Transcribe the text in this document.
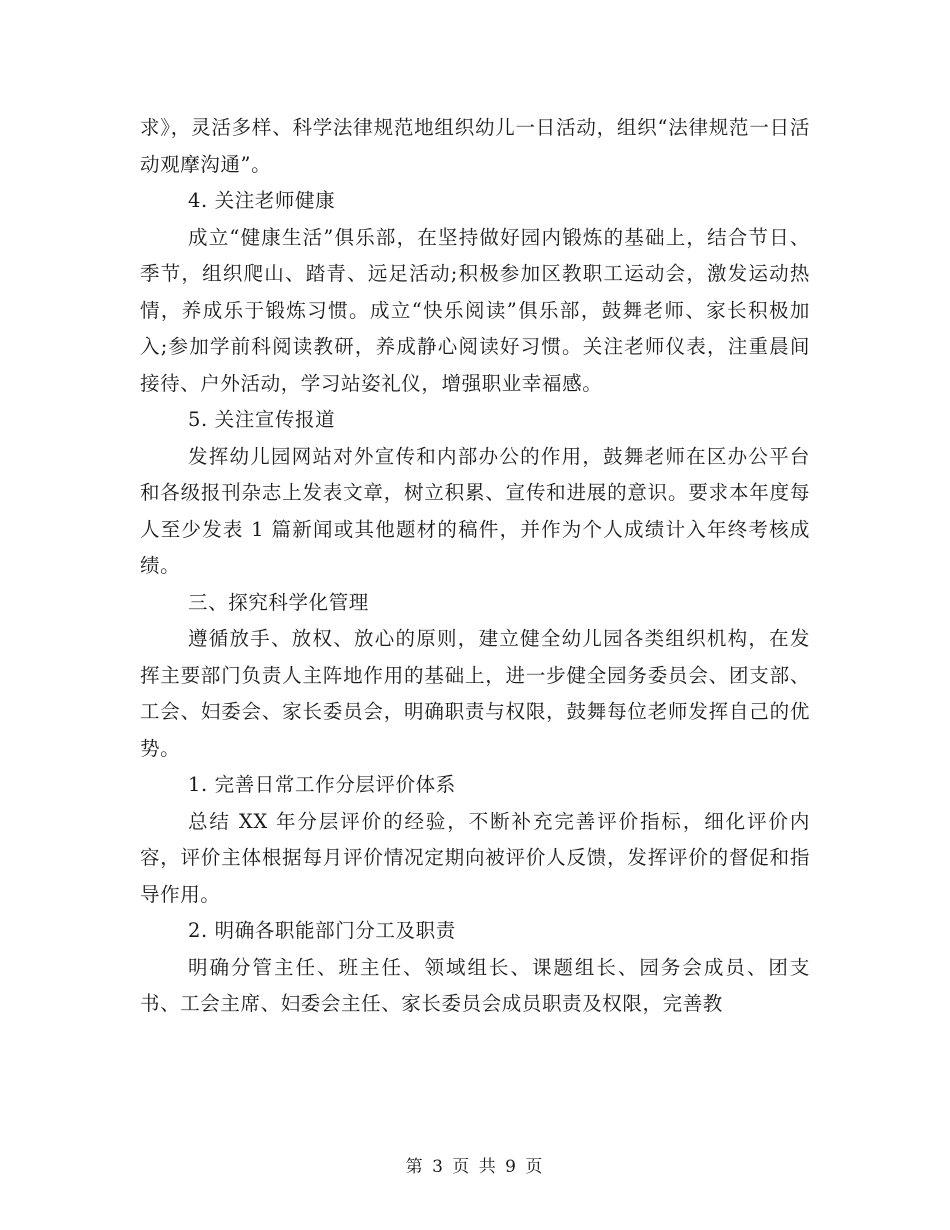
求》，灵活多样、科学法律规范地组织幼儿一日活动，组织“法律规范一日活动观摩沟通”。

4. 关注老师健康

成立“健康生活”俱乐部，在坚持做好园内锻炼的基础上，结合节日、季节，组织爬山、踏青、远足活动;积极参加区教职工运动会，激发运动热情，养成乐于锻炼习惯。成立“快乐阅读”俱乐部，鼓舞老师、家长积极加入;参加学前科阅读教研，养成静心阅读好习惯。关注老师仪表，注重晨间接待、户外活动，学习站姿礼仪，增强职业幸福感。

5. 关注宣传报道

发挥幼儿园网站对外宣传和内部办公的作用，鼓舞老师在区办公平台和各级报刊杂志上发表文章，树立积累、宣传和进展的意识。要求本年度每人至少发表 1 篇新闻或其他题材的稿件，并作为个人成绩计入年终考核成绩。

三、探究科学化管理

遵循放手、放权、放心的原则，建立健全幼儿园各类组织机构，在发挥主要部门负责人主阵地作用的基础上，进一步健全园务委员会、团支部、工会、妇委会、家长委员会，明确职责与权限，鼓舞每位老师发挥自己的优势。

1. 完善日常工作分层评价体系

总结 XX 年分层评价的经验，不断补充完善评价指标，细化评价内容，评价主体根据每月评价情况定期向被评价人反馈，发挥评价的督促和指导作用。

2. 明确各职能部门分工及职责

明确分管主任、班主任、领域组长、课题组长、园务会成员、团支书、工会主席、妇委会主任、家长委员会成员职责及权限，完善教

第 3 页 共 9 页
